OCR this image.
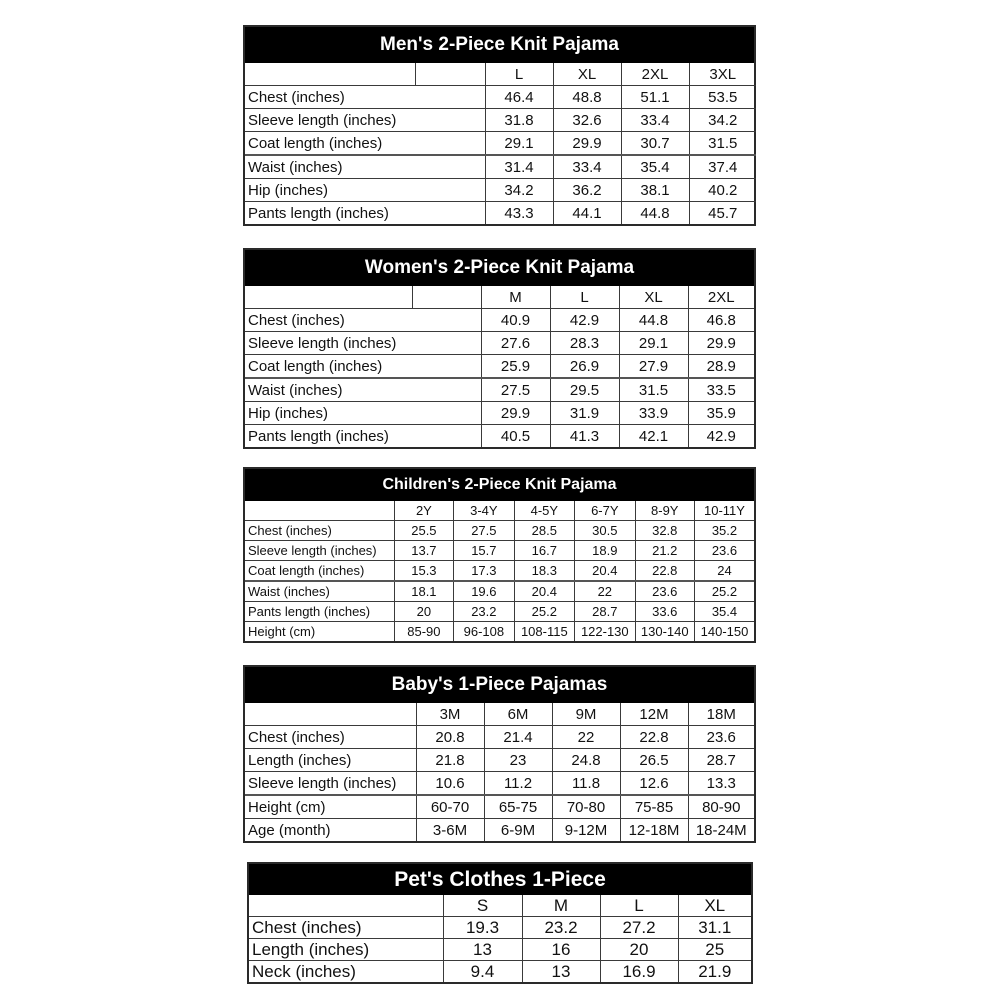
Men's 2-Piece Knit Pajama
		L	XL	2XL	3XL
Chest (inches)		46.4	48.8	51.1	53.5
Sleeve length (inches)		31.8	32.6	33.4	34.2
Coat length (inches)		29.1	29.9	30.7	31.5
Waist (inches)		31.4	33.4	35.4	37.4
Hip (inches)		34.2	36.2	38.1	40.2
Pants length (inches)		43.3	44.1	44.8	45.7
Women's 2-Piece Knit Pajama
		M	L	XL	2XL
Chest (inches)		40.9	42.9	44.8	46.8
Sleeve length (inches)		27.6	28.3	29.1	29.9
Coat length (inches)		25.9	26.9	27.9	28.9
Waist (inches)		27.5	29.5	31.5	33.5
Hip (inches)		29.9	31.9	33.9	35.9
Pants length (inches)		40.5	41.3	42.1	42.9
Children's 2-Piece Knit Pajama
	2Y	3-4Y	4-5Y	6-7Y	8-9Y	10-11Y
Chest (inches)	25.5	27.5	28.5	30.5	32.8	35.2
Sleeve length (inches)	13.7	15.7	16.7	18.9	21.2	23.6
Coat length (inches)	15.3	17.3	18.3	20.4	22.8	24
Waist (inches)	18.1	19.6	20.4	22	23.6	25.2
Pants length (inches)	20	23.2	25.2	28.7	33.6	35.4
Height (cm)	85-90	96-108	108-115	122-130	130-140	140-150
Baby's 1-Piece Pajamas
	3M	6M	9M	12M	18M
Chest (inches)	20.8	21.4	22	22.8	23.6
Length (inches)	21.8	23	24.8	26.5	28.7
Sleeve length (inches)	10.6	11.2	11.8	12.6	13.3
Height (cm)	60-70	65-75	70-80	75-85	80-90
Age (month)	3-6M	6-9M	9-12M	12-18M	18-24M
Pet's Clothes 1-Piece
	S	M	L	XL
Chest (inches)	19.3	23.2	27.2	31.1
Length (inches)	13	16	20	25
Neck (inches)	9.4	13	16.9	21.9
